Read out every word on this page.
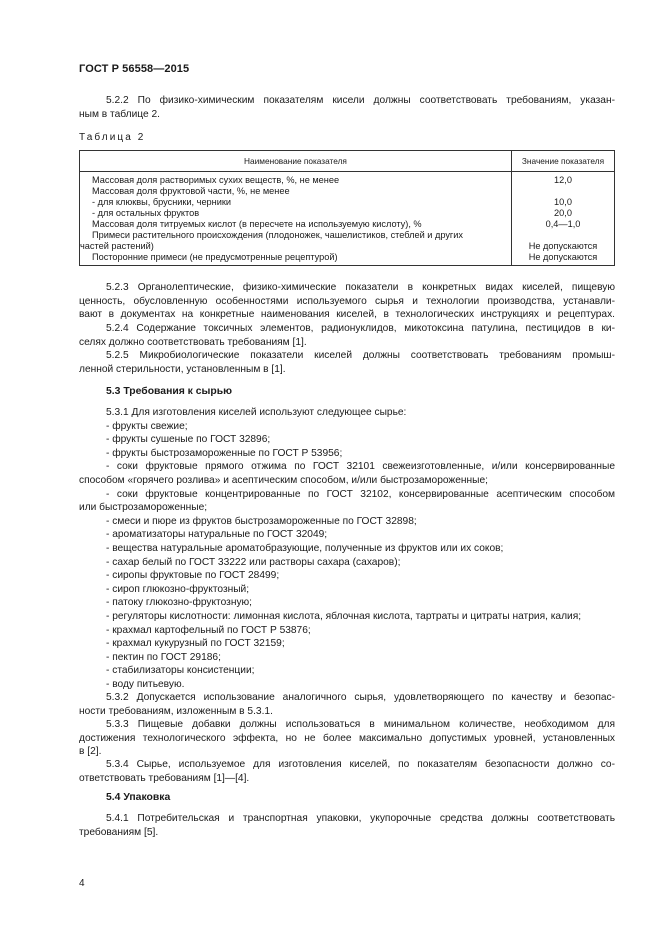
ГОСТ Р 56558—2015
5.2.2 По физико-химическим показателям кисели должны соответствовать требованиям, указан-
ным в таблице 2.
Таблица 2
Наименование показателя	Значение показателя

Массовая доля растворимых сухих веществ, %, не менее	12,0

Массовая доля фруктовой части, %, не менее	

- для клюквы, брусники, черники	10,0

- для остальных фруктов	20,0

Массовая доля титруемых кислот (в пересчете на используемую кислоту), %	0,4—1,0

Примеси растительного происхождения (плодоножек, чашелистиков, стеблей и других	

частей растений)	Не допускаются

Посторонние примеси (не предусмотренные рецептурой)	Не допускаются
5.2.3 Органолептические, физико-химические показатели в конкретных видах киселей, пищевую
ценность, обусловленную особенностями используемого сырья и технологии производства, устанавли-
вают в документах на конкретные наименования киселей, в технологических инструкциях и рецептурах.
5.2.4 Содержание токсичных элементов, радионуклидов, микотоксина патулина, пестицидов в ки-
селях должно соответствовать требованиям [1].
5.2.5 Микробиологические показатели киселей должны соответствовать требованиям промыш-
ленной стерильности, установленным в [1].
5.3 Требования к сырью
5.3.1 Для изготовления киселей используют следующее сырье:
- фрукты свежие;
- фрукты сушеные по ГОСТ 32896;
- фрукты быстрозамороженные по ГОСТ Р 53956;
- соки фруктовые прямого отжима по ГОСТ 32101 свежеизготовленные, и/или консервированные
способом «горячего розлива» и асептическим способом, и/или быстрозамороженные;
- соки фруктовые концентрированные по ГОСТ 32102, консервированные асептическим способом
или быстрозамороженные;
- смеси и пюре из фруктов быстрозамороженные по ГОСТ 32898;
- ароматизаторы натуральные по ГОСТ 32049;
- вещества натуральные ароматобразующие, полученные из фруктов или их соков;
- сахар белый по ГОСТ 33222 или растворы сахара (сахаров);
- сиропы фруктовые по ГОСТ 28499;
- сироп глюкозно-фруктозный;
- патоку глюкозно-фруктозную;
- регуляторы кислотности: лимонная кислота, яблочная кислота, тартраты и цитраты натрия, калия;
- крахмал картофельный по ГОСТ Р 53876;
- крахмал кукурузный по ГОСТ 32159;
- пектин по ГОСТ 29186;
- стабилизаторы консистенции;
- воду питьевую.
5.3.2 Допускается использование аналогичного сырья, удовлетворяющего по качеству и безопас-
ности требованиям, изложенным в 5.3.1.
5.3.3 Пищевые добавки должны использоваться в минимальном количестве, необходимом для
достижения технологического эффекта, но не более максимально допустимых уровней, установленных
в [2].
5.3.4 Сырье, используемое для изготовления киселей, по показателям безопасности должно со-
ответствовать требованиям [1]—[4].
5.4 Упаковка
5.4.1 Потребительская и транспортная упаковки, укупорочные средства должны соответствовать
требованиям [5].
4
